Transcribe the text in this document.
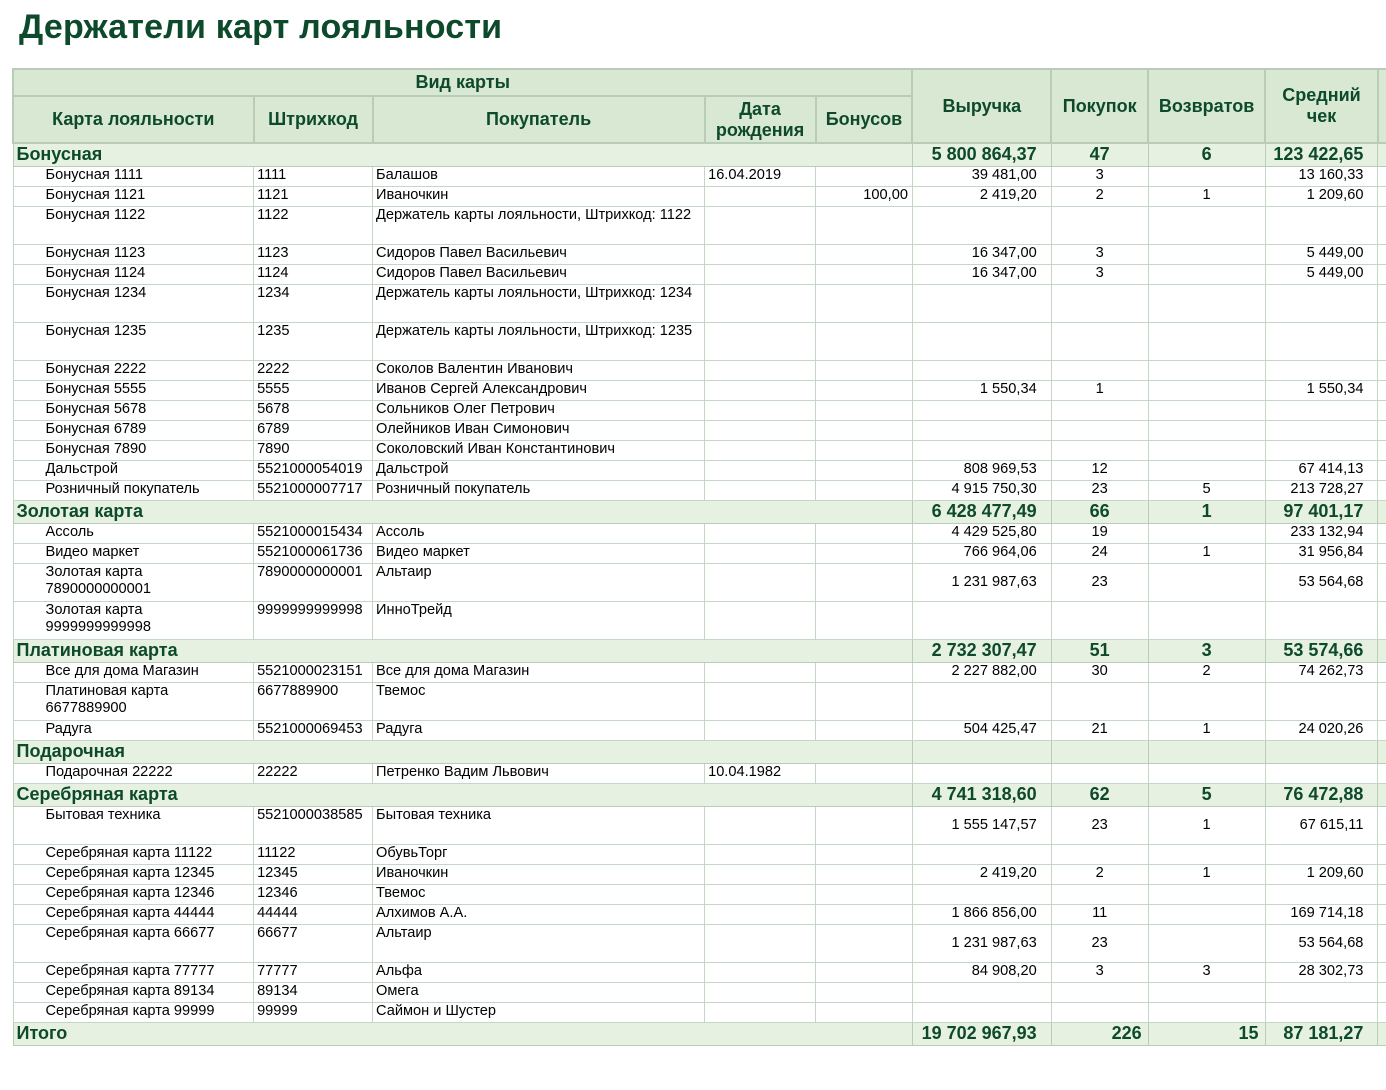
Держатели карт лояльности
Вид карты					Выручка	Покупок	Возвратов	Средний чек	
Карта лояльности	Штрихкод	Покупатель	Дата рождения	Бонусов					
Бонусная					5 800 864,37	47	6	123 422,65	
Бонусная 1111	1111	Балашов	16.04.2019		39 481,00	3		13 160,33	
Бонусная 1121	1121	Иваночкин		100,00	2 419,20	2	1	1 209,60	
Бонусная 1122	1122	Держатель карты лояльности, Штрихкод: 1122							
Бонусная 1123	1123	Сидоров Павел Васильевич			16 347,00	3		5 449,00	
Бонусная 1124	1124	Сидоров Павел Васильевич			16 347,00	3		5 449,00	
Бонусная 1234	1234	Держатель карты лояльности, Штрихкод: 1234							
Бонусная 1235	1235	Держатель карты лояльности, Штрихкод: 1235							
Бонусная 2222	2222	Соколов Валентин Иванович							
Бонусная 5555	5555	Иванов Сергей Александрович			1 550,34	1		1 550,34	
Бонусная 5678	5678	Сольников Олег Петрович							
Бонусная 6789	6789	Олейников Иван Симонович							
Бонусная 7890	7890	Соколовский Иван Константинович							
Дальстрой	5521000054019	Дальстрой			808 969,53	12		67 414,13	
Розничный покупатель	5521000007717	Розничный покупатель			4 915 750,30	23	5	213 728,27	
Золотая карта					6 428 477,49	66	1	97 401,17	
Ассоль	5521000015434	Ассоль			4 429 525,80	19		233 132,94	
Видео маркет	5521000061736	Видео маркет			766 964,06	24	1	31 956,84	
Золотая карта 7890000000001	7890000000001	Альтаир			1 231 987,63	23		53 564,68	
Золотая карта 9999999999998	9999999999998	ИнноТрейд							
Платиновая карта					2 732 307,47	51	3	53 574,66	
Все для дома Магазин	5521000023151	Все для дома Магазин			2 227 882,00	30	2	74 262,73	
Платиновая карта 6677889900	6677889900	Твемос							
Радуга	5521000069453	Радуга			504 425,47	21	1	24 020,26	
Подарочная									
Подарочная 22222	22222	Петренко Вадим Львович	10.04.1982						
Серебряная карта					4 741 318,60	62	5	76 472,88	
Бытовая техника	5521000038585	Бытовая техника			1 555 147,57	23	1	67 615,11	
Серебряная карта 11122	11122	ОбувьТорг							
Серебряная карта 12345	12345	Иваночкин			2 419,20	2	1	1 209,60	
Серебряная карта 12346	12346	Твемос							
Серебряная карта 44444	44444	Алхимов А.А.			1 866 856,00	11		169 714,18	
Серебряная карта 66677	66677	Альтаир			1 231 987,63	23		53 564,68	
Серебряная карта 77777	77777	Альфа			84 908,20	3	3	28 302,73	
Серебряная карта 89134	89134	Омега							
Серебряная карта 99999	99999	Саймон и Шустер							
Итого					19 702 967,93	226	15	87 181,27	
